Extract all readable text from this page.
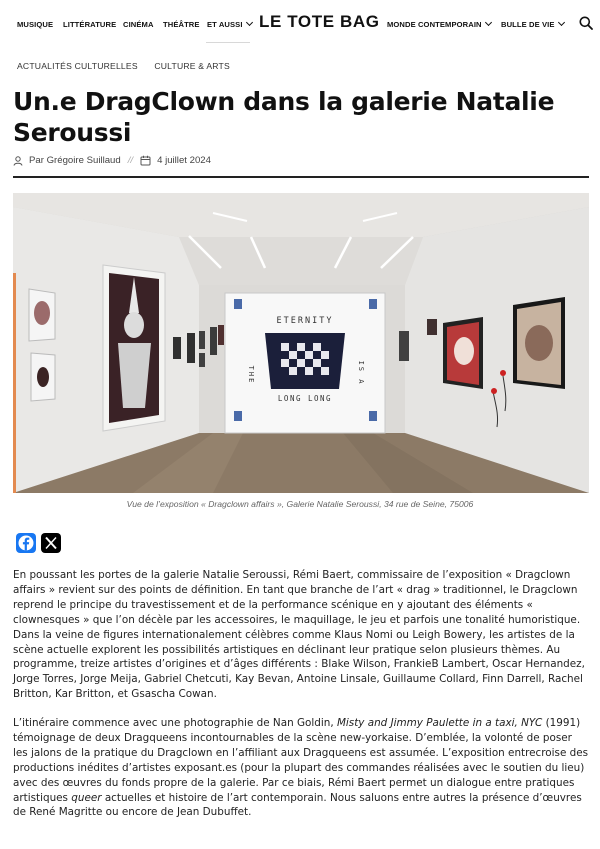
MUSIQUE LITTÉRATURE CINÉMA THÉÂTRE ET AUSSI LE TOTE BAG MONDE CONTEMPORAIN	BULLE DE VIE
ACTUALITÉS CULTURELLES CULTURE & ARTS
Un.e DragClown dans la galerie Natalie Seroussi
Par Grégoire Suillaud //	4 juillet 2024
ETERNITY
THE	IS A
LONG LONG
Vue de l’exposition « Dragclown affairs », Galerie Natalie Seroussi, 34 rue de Seine, 75006

En poussant les portes de la galerie Natalie Seroussi, Rémi Baert, commissaire de l’exposition « Dragclown affairs » revient sur des points de définition. En tant que branche de l’art « drag » traditionnel, le Dragclown reprend le principe du travestissement et de la performance scénique en y ajoutant des éléments « clownesques » que l’on décèle par les accessoires, le maquillage, le jeu et parfois une tonalité humoristique. Dans la veine de figures internationalement célèbres comme Klaus Nomi ou Leigh Bowery, les artistes de la scène actuelle explorent les possibilités artistiques en déclinant leur pratique selon plusieurs thèmes. Au programme, treize artistes d’origines et d’âges différents : Blake Wilson, FrankieB Lambert, Oscar Hernandez, Jorge Torres, Jorge Meija, Gabriel Chetcuti, Kay Bevan, Antoine Linsale, Guillaume Collard, Finn Darrell, Rachel Britton, Kar Britton, et Gsascha Cowan.

L’itinéraire commence avec une photographie de Nan Goldin, Misty and Jimmy Paulette in a taxi, NYC (1991) témoignage de deux Dragqueens incontournables de la scène new-yorkaise. D’emblée, la volonté de poser les jalons de la pratique du Dragclown en l’affiliant aux Dragqueens est assumée. L’exposition entrecroise des productions inédites d’artistes exposant.es (pour la plupart des commandes réalisées avec le soutien du lieu) avec des œuvres du fonds propre de la galerie. Par ce biais, Rémi Baert permet un dialogue entre pratiques artistiques queer actuelles et histoire de l’art contemporain. Nous saluons entre autres la présence d’œuvres de René Magritte ou encore de Jean Dubuffet.
